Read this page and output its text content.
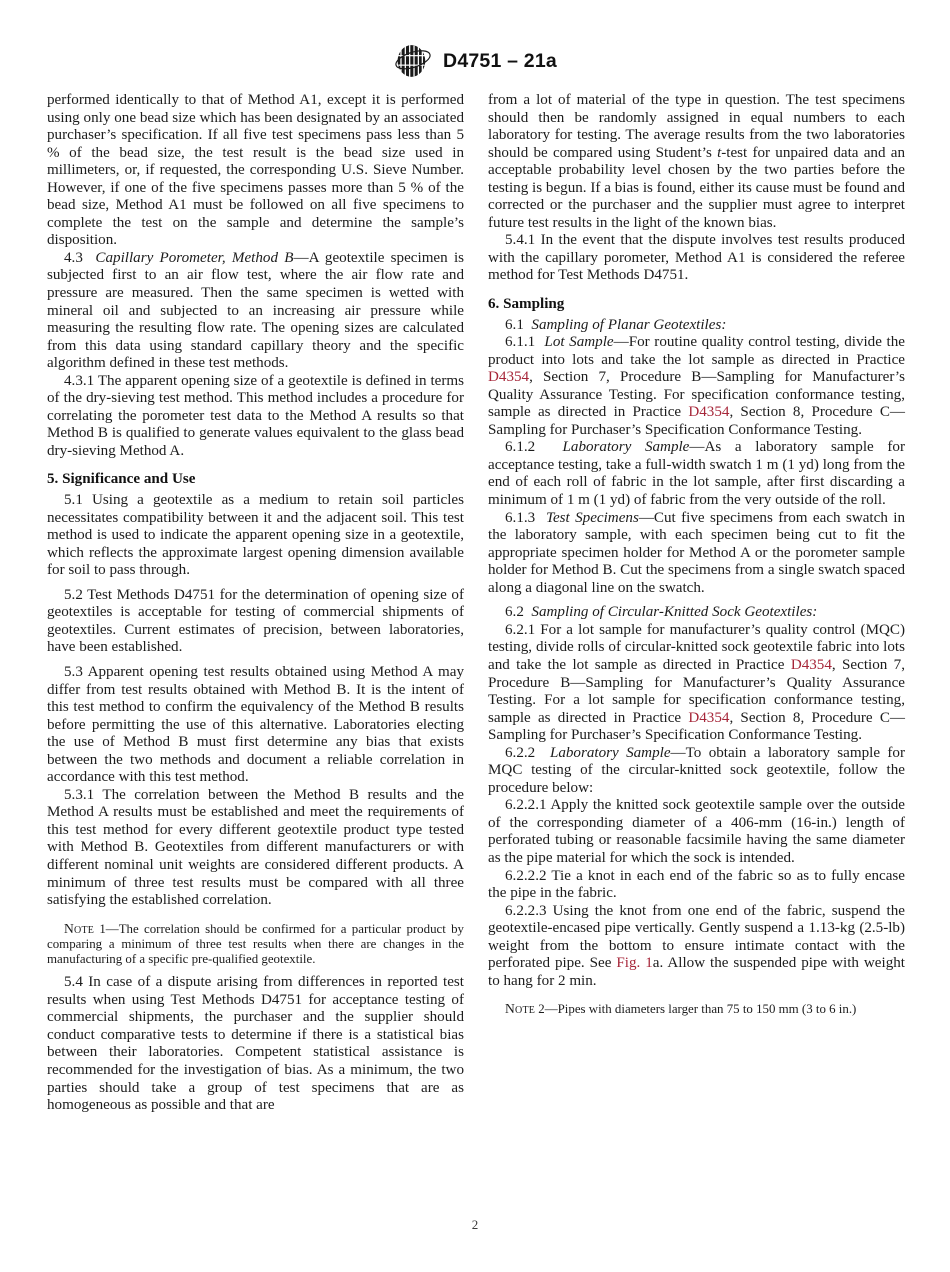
D4751 – 21a

performed identically to that of Method A1, except it is performed using only one bead size which has been designated by an associated purchaser’s specification. If all five test specimens pass less than 5 % of the bead size, the test result is the bead size used in millimeters, or, if requested, the corresponding U.S. Sieve Number. However, if one of the five specimens passes more than 5 % of the bead size, Method A1 must be followed on all five specimens to complete the test on the sample and determine the sample’s disposition.

4.3 Capillary Porometer, Method B—A geotextile specimen is subjected first to an air flow test, where the air flow rate and pressure are measured. Then the same specimen is wetted with mineral oil and subjected to an increasing air pressure while measuring the resulting flow rate. The opening sizes are calculated from this data using standard capillary theory and the specific algorithm defined in these test methods.

4.3.1 The apparent opening size of a geotextile is defined in terms of the dry-sieving test method. This method includes a procedure for correlating the porometer test data to the Method A results so that Method B is qualified to generate values equivalent to the glass bead dry-sieving Method A.

5. Significance and Use

5.1 Using a geotextile as a medium to retain soil particles necessitates compatibility between it and the adjacent soil. This test method is used to indicate the apparent opening size in a geotextile, which reflects the approximate largest opening dimension available for soil to pass through.

5.2 Test Methods D4751 for the determination of opening size of geotextiles is acceptable for testing of commercial shipments of geotextiles. Current estimates of precision, between laboratories, have been established.

5.3 Apparent opening test results obtained using Method A may differ from test results obtained with Method B. It is the intent of this test method to confirm the equivalency of the Method B results before permitting the use of this alternative. Laboratories electing the use of Method B must first determine any bias that exists between the two methods and document a reliable correlation in accordance with this test method.

5.3.1 The correlation between the Method B results and the Method A results must be established and meet the requirements of this test method for every different geotextile product type tested with Method B. Geotextiles from different manufacturers or with different nominal unit weights are considered different products. A minimum of three test results must be compared with all three satisfying the established correlation.

Note 1—The correlation should be confirmed for a particular product by comparing a minimum of three test results when there are changes in the manufacturing of a specific pre-qualified geotextile.

5.4 In case of a dispute arising from differences in reported test results when using Test Methods D4751 for acceptance testing of commercial shipments, the purchaser and the supplier should conduct comparative tests to determine if there is a statistical bias between their laboratories. Competent statistical assistance is recommended for the investigation of bias. As a minimum, the two parties should take a group of test specimens that are as homogeneous as possible and that are

from a lot of material of the type in question. The test specimens should then be randomly assigned in equal numbers to each laboratory for testing. The average results from the two laboratories should be compared using Student’s t-test for unpaired data and an acceptable probability level chosen by the two parties before the testing is begun. If a bias is found, either its cause must be found and corrected or the purchaser and the supplier must agree to interpret future test results in the light of the known bias.

5.4.1 In the event that the dispute involves test results produced with the capillary porometer, Method A1 is considered the referee method for Test Methods D4751.

6. Sampling

6.1 Sampling of Planar Geotextiles:

6.1.1 Lot Sample—For routine quality control testing, divide the product into lots and take the lot sample as directed in Practice D4354, Section 7, Procedure B—Sampling for Manufacturer’s Quality Assurance Testing. For specification conformance testing, sample as directed in Practice D4354, Section 8, Procedure C—Sampling for Purchaser’s Specification Conformance Testing.

6.1.2 Laboratory Sample—As a laboratory sample for acceptance testing, take a full-width swatch 1 m (1 yd) long from the end of each roll of fabric in the lot sample, after first discarding a minimum of 1 m (1 yd) of fabric from the very outside of the roll.

6.1.3 Test Specimens—Cut five specimens from each swatch in the laboratory sample, with each specimen being cut to fit the appropriate specimen holder for Method A or the porometer sample holder for Method B. Cut the specimens from a single swatch spaced along a diagonal line on the swatch.

6.2 Sampling of Circular-Knitted Sock Geotextiles:

6.2.1 For a lot sample for manufacturer’s quality control (MQC) testing, divide rolls of circular-knitted sock geotextile fabric into lots and take the lot sample as directed in Practice D4354, Section 7, Procedure B—Sampling for Manufacturer’s Quality Assurance Testing. For a lot sample for specification conformance testing, sample as directed in Practice D4354, Section 8, Procedure C—Sampling for Purchaser’s Specification Conformance Testing.

6.2.2 Laboratory Sample—To obtain a laboratory sample for MQC testing of the circular-knitted sock geotextile, follow the procedure below:

6.2.2.1 Apply the knitted sock geotextile sample over the outside of the corresponding diameter of a 406-mm (16-in.) length of perforated tubing or reasonable facsimile having the same diameter as the pipe material for which the sock is intended.

6.2.2.2 Tie a knot in each end of the fabric so as to fully encase the pipe in the fabric.

6.2.2.3 Using the knot from one end of the fabric, suspend the geotextile-encased pipe vertically. Gently suspend a 1.13-kg (2.5-lb) weight from the bottom to ensure intimate contact with the perforated pipe. See Fig. 1a. Allow the suspended pipe with weight to hang for 2 min.

Note 2—Pipes with diameters larger than 75 to 150 mm (3 to 6 in.)

2
